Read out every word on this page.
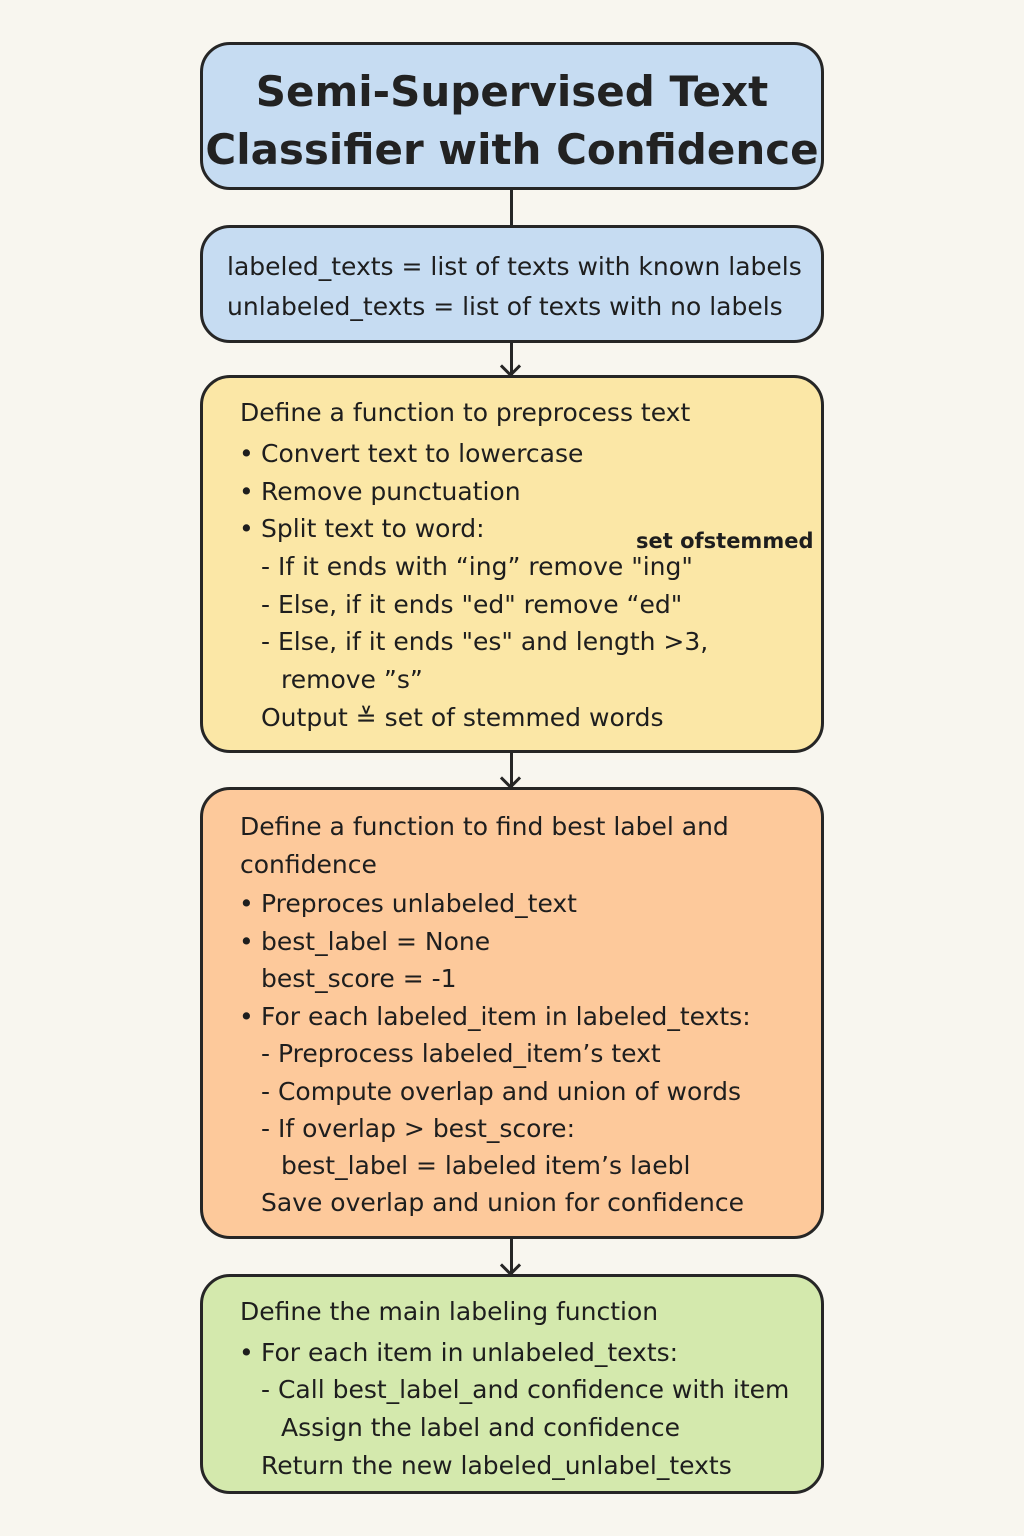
Semi-Supervised Text
Classifier with Confidence
labeled_texts = list of texts with known labels
unlabeled_texts = list of texts with no labels
Define a function to preprocess text
• Convert text to lowercase
• Remove punctuation
• Split text to word:	set ofstemmed
- If it ends with “ing” remove "ing"
- Else, if it ends "ed" remove “ed"
- Else, if it ends "es" and length >3,
remove ”s”
Output ≚ set of stemmed words
Define a function to find best label and
confidence
• Preproces unlabeled_text
• best_label = None
best_score = -1
• For each labeled_item in labeled_texts:
- Preprocess labeled_item’s text
- Compute overlap and union of words
- If overlap > best_score:
best_label = labeled item’s laebl
Save overlap and union for confidence
Define the main labeling function
• For each item in unlabeled_texts:
- Call best_label_and confidence with item
Assign the label and confidence
Return the new labeled_unlabel_texts
